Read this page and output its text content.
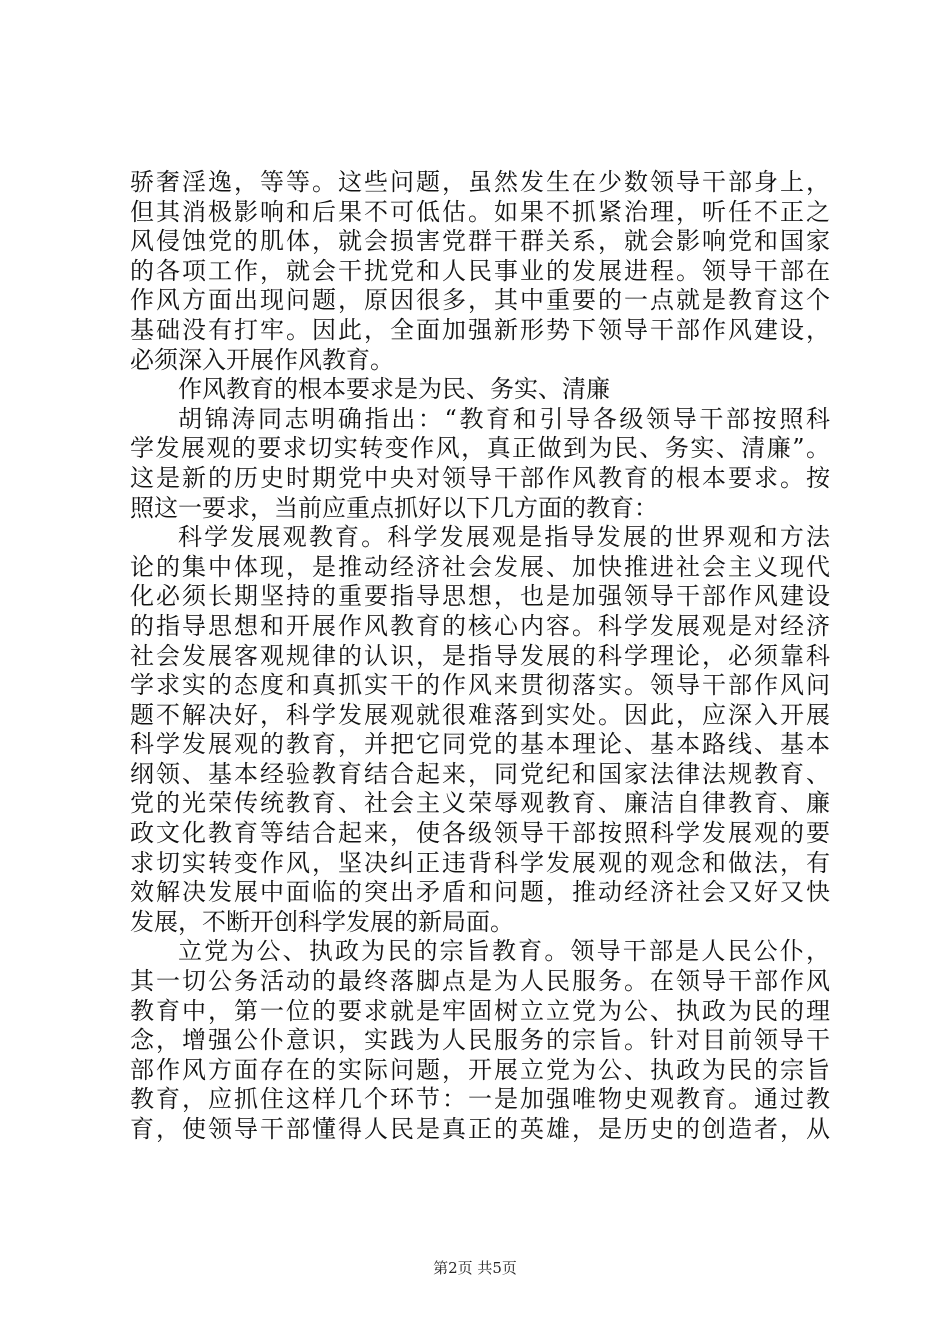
骄奢淫逸，等等。这些问题，虽然发生在少数领导干部身上，
但其消极影响和后果不可低估。如果不抓紧治理，听任不正之
风侵蚀党的肌体，就会损害党群干群关系，就会影响党和国家
的各项工作，就会干扰党和人民事业的发展进程。领导干部在
作风方面出现问题，原因很多，其中重要的一点就是教育这个
基础没有打牢。因此，全面加强新形势下领导干部作风建设，
必须深入开展作风教育。
作风教育的根本要求是为民、务实、清廉
胡锦涛同志明确指出：“教育和引导各级领导干部按照科
学发展观的要求切实转变作风，真正做到为民、务实、清廉”。
这是新的历史时期党中央对领导干部作风教育的根本要求。按
照这一要求，当前应重点抓好以下几方面的教育：
科学发展观教育。科学发展观是指导发展的世界观和方法
论的集中体现，是推动经济社会发展、加快推进社会主义现代
化必须长期坚持的重要指导思想，也是加强领导干部作风建设
的指导思想和开展作风教育的核心内容。科学发展观是对经济
社会发展客观规律的认识，是指导发展的科学理论，必须靠科
学求实的态度和真抓实干的作风来贯彻落实。领导干部作风问
题不解决好，科学发展观就很难落到实处。因此，应深入开展
科学发展观的教育，并把它同党的基本理论、基本路线、基本
纲领、基本经验教育结合起来，同党纪和国家法律法规教育、
党的光荣传统教育、社会主义荣辱观教育、廉洁自律教育、廉
政文化教育等结合起来，使各级领导干部按照科学发展观的要
求切实转变作风，坚决纠正违背科学发展观的观念和做法，有
效解决发展中面临的突出矛盾和问题，推动经济社会又好又快
发展，不断开创科学发展的新局面。
立党为公、执政为民的宗旨教育。领导干部是人民公仆，
其一切公务活动的最终落脚点是为人民服务。在领导干部作风
教育中，第一位的要求就是牢固树立立党为公、执政为民的理
念，增强公仆意识，实践为人民服务的宗旨。针对目前领导干
部作风方面存在的实际问题，开展立党为公、执政为民的宗旨
教育，应抓住这样几个环节：一是加强唯物史观教育。通过教
育，使领导干部懂得人民是真正的英雄，是历史的创造者，从
第2页 共5页
